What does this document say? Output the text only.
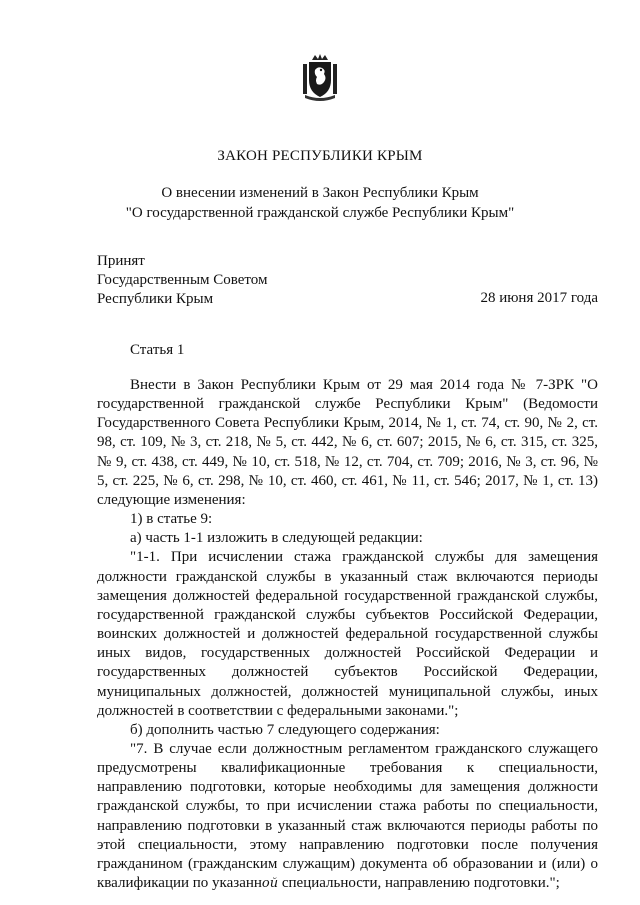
ЗАКОН РЕСПУБЛИКИ КРЫМ
О внесении изменений в Закон Республики Крым
"О государственной гражданской службе Республики Крым"
Принят
Государственным Советом
Республики Крым	28 июня 2017 года
Статья 1

Внести в Закон Республики Крым от 29 мая 2014 года № 7-ЗРК "О государственной гражданской службе Республики Крым" (Ведомости Государственного Совета Республики Крым, 2014, № 1, ст. 74, ст. 90, № 2, ст. 98, ст. 109, № 3, ст. 218, № 5, ст. 442, № 6, ст. 607; 2015, № 6, ст. 315, ст. 325, № 9, ст. 438, ст. 449, № 10, ст. 518, № 12, ст. 704, ст. 709; 2016, № 3, ст. 96, № 5, ст. 225, № 6, ст. 298, № 10, ст. 460, ст. 461, № 11, ст. 546; 2017, № 1, ст. 13) следующие изменения:

1) в статье 9:

а) часть 1-1 изложить в следующей редакции:

"1-1. При исчислении стажа гражданской службы для замещения должности гражданской службы в указанный стаж включаются периоды замещения должностей федеральной государственной гражданской службы, государственной гражданской службы субъектов Российской Федерации, воинских должностей и должностей федеральной государственной службы иных видов, государственных должностей Российской Федерации и государственных должностей субъектов Российской Федерации, муниципальных должностей, должностей муниципальной службы, иных должностей в соответствии с федеральными законами.";

б) дополнить частью 7 следующего содержания:

"7. В случае если должностным регламентом гражданского служащего предусмотрены квалификационные требования к специальности, направлению подготовки, которые необходимы для замещения должности гражданской службы, то при исчислении стажа работы по специальности, направлению подготовки в указанный стаж включаются периоды работы по этой специальности, этому направлению подготовки после получения гражданином (гражданским служащим) документа об образовании и (или) о квалификации по указанной специальности, направлению подготовки.";
